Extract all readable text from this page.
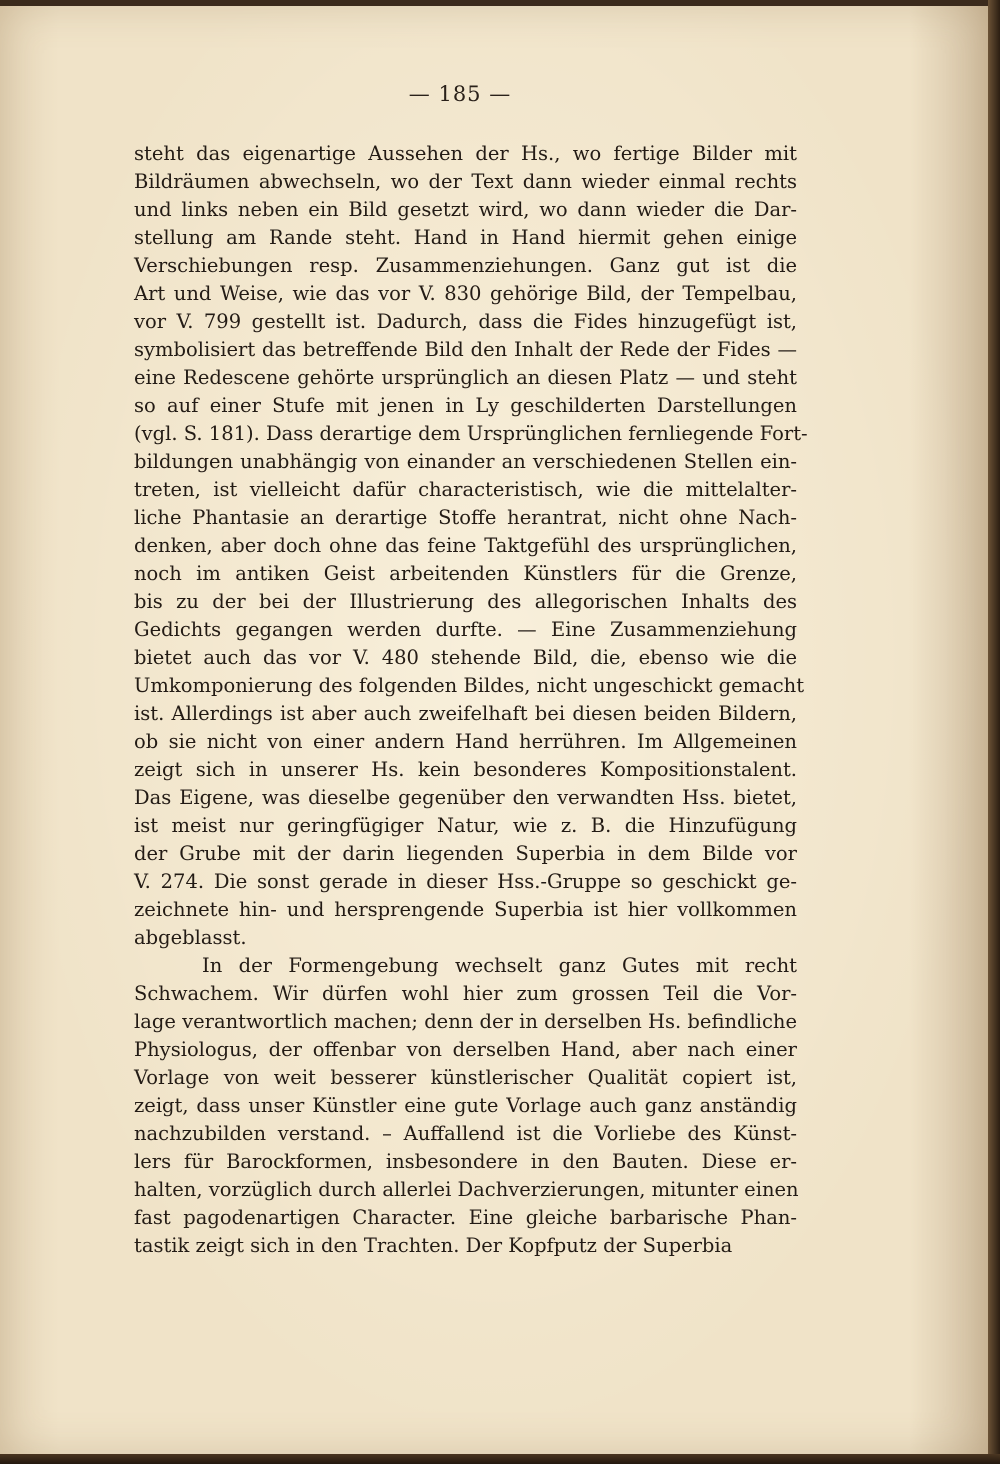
— 185 —
steht das eigenartige Aussehen der Hs., wo fertige Bilder mit
Bildräumen abwechseln, wo der Text dann wieder einmal rechts
und links neben ein Bild gesetzt wird, wo dann wieder die Dar-
stellung am Rande steht. Hand in Hand hiermit gehen einige
Verschiebungen resp. Zusammenziehungen. Ganz gut ist die
Art und Weise, wie das vor V. 830 gehörige Bild, der Tempelbau,
vor V. 799 gestellt ist. Dadurch, dass die Fides hinzugefügt ist,
symbolisiert das betreffende Bild den Inhalt der Rede der Fides —
eine Redescene gehörte ursprünglich an diesen Platz — und steht
so auf einer Stufe mit jenen in Ly geschilderten Darstellungen
(vgl. S. 181). Dass derartige dem Ursprünglichen fernliegende Fort-
bildungen unabhängig von einander an verschiedenen Stellen ein-
treten, ist vielleicht dafür characteristisch, wie die mittelalter-
liche Phantasie an derartige Stoffe herantrat, nicht ohne Nach-
denken, aber doch ohne das feine Taktgefühl des ursprünglichen,
noch im antiken Geist arbeitenden Künstlers für die Grenze,
bis zu der bei der Illustrierung des allegorischen Inhalts des
Gedichts gegangen werden durfte. — Eine Zusammenziehung
bietet auch das vor V. 480 stehende Bild, die, ebenso wie die
Umkomponierung des folgenden Bildes, nicht ungeschickt gemacht
ist. Allerdings ist aber auch zweifelhaft bei diesen beiden Bildern,
ob sie nicht von einer andern Hand herrühren. Im Allgemeinen
zeigt sich in unserer Hs. kein besonderes Kompositionstalent.
Das Eigene, was dieselbe gegenüber den verwandten Hss. bietet,
ist meist nur geringfügiger Natur, wie z. B. die Hinzufügung
der Grube mit der darin liegenden Superbia in dem Bilde vor
V. 274. Die sonst gerade in dieser Hss.-Gruppe so geschickt ge-
zeichnete hin- und hersprengende Superbia ist hier vollkommen
abgeblasst.
In der Formengebung wechselt ganz Gutes mit recht
Schwachem. Wir dürfen wohl hier zum grossen Teil die Vor-
lage verantwortlich machen; denn der in derselben Hs. befindliche
Physiologus, der offenbar von derselben Hand, aber nach einer
Vorlage von weit besserer künstlerischer Qualität copiert ist,
zeigt, dass unser Künstler eine gute Vorlage auch ganz anständig
nachzubilden verstand. – Auffallend ist die Vorliebe des Künst-
lers für Barockformen, insbesondere in den Bauten. Diese er-
halten, vorzüglich durch allerlei Dachverzierungen, mitunter einen
fast pagodenartigen Character. Eine gleiche barbarische Phan-
tastik zeigt sich in den Trachten. Der Kopfputz der Superbia
